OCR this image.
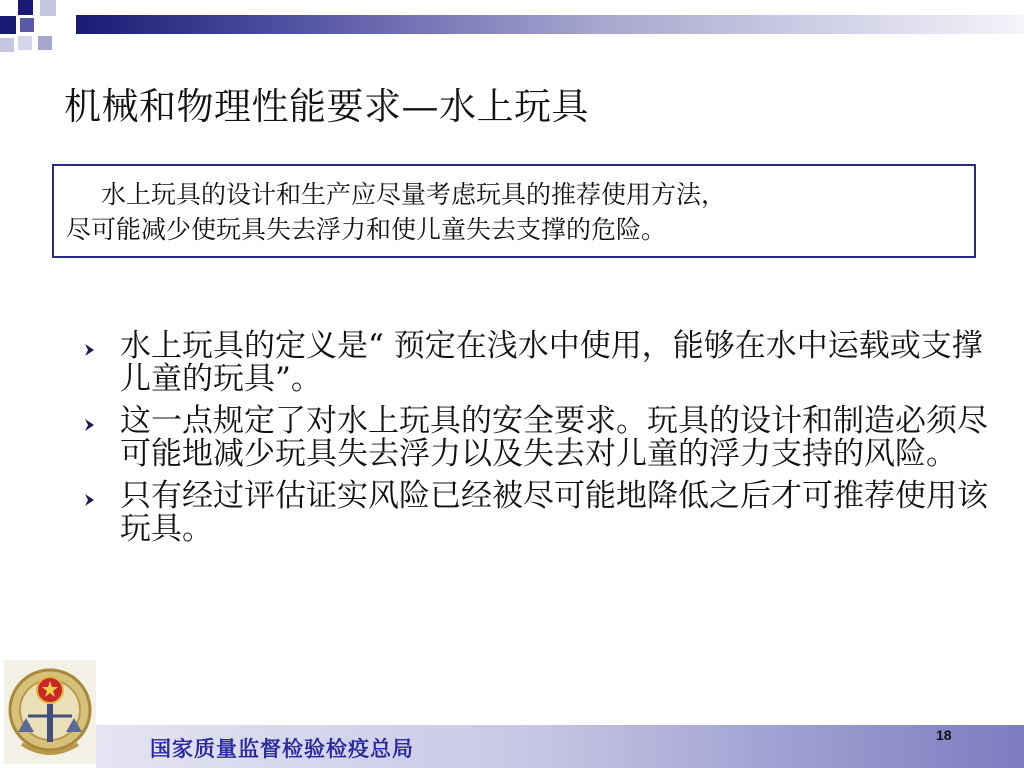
机械和物理性能要求—水上玩具
水上玩具的设计和生产应尽量考虑玩具的推荐使用方法，
尽可能减少使玩具失去浮力和使儿童失去支撑的危险。
水上玩具的定义是“ 预定在浅水中使用，能够在水中运载或支撑儿童的玩具”。
这一点规定了对水上玩具的安全要求。玩具的设计和制造必须尽可能地减少玩具失去浮力以及失去对儿童的浮力支持的风险。
只有经过评估证实风险已经被尽可能地降低之后才可推荐使用该玩具。
国家质量监督检验检疫总局
18
